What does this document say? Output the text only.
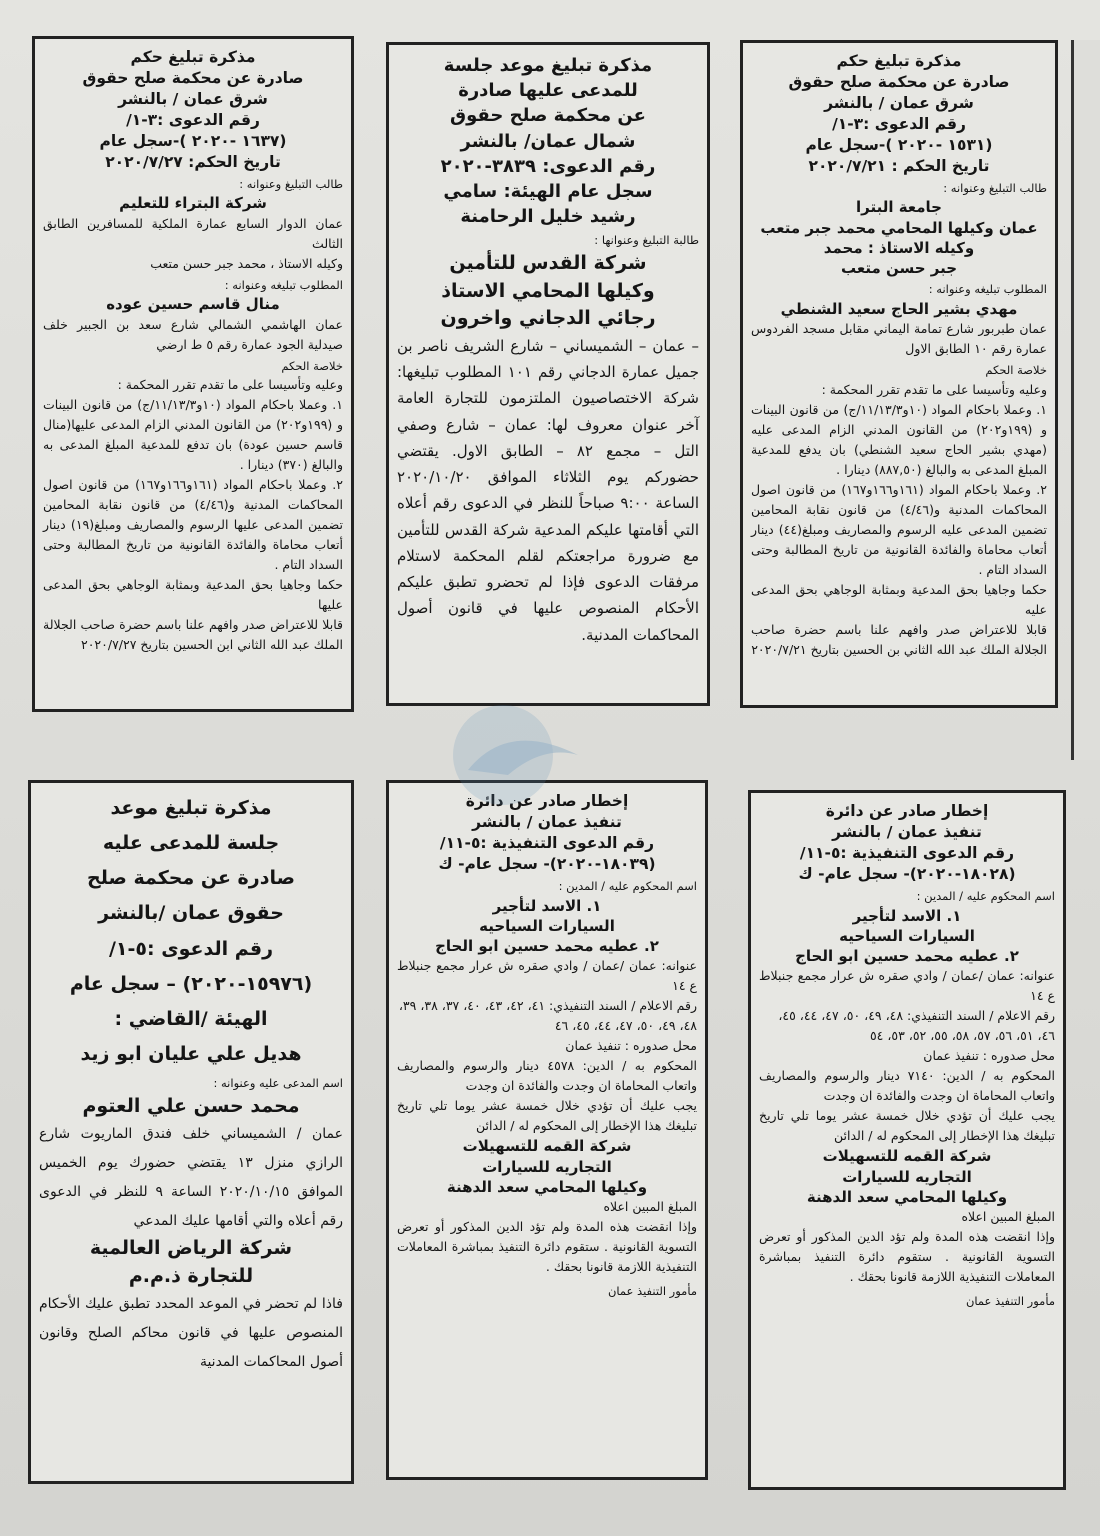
مذكرة تبليغ حكم

صادرة عن محكمة صلح حقوق

شرق عمان / بالنشر

رقم الدعوى :٣-١/

(١٦٣٧ -٢٠٢٠ )-سجل عام

تاريخ الحكم: ٢٠٢٠/٧/٢٧

طالب التبليغ وعنوانه :
شركة البتراء للتعليم
عمان الدوار السابع عمارة الملكية للمسافرين الطابق الثالث
وكيله الاستاذ ، محمد جبر حسن متعب
المطلوب تبليغه وعنوانه :
منال قاسم حسين عوده
عمان الهاشمي الشمالي شارع سعد بن الجبير خلف صيدلية الجود عمارة رقم ٥ ط ارضي
خلاصة الحكم
وعليه وتأسيسا على ما تقدم تقرر المحكمة :
١. وعملا باحكام المواد (١٠و١١/١٣/٣/ج) من قانون البينات و (١٩٩و٢٠٢) من القانون المدني الزام المدعى عليها(منال قاسم حسين عودة) بان تدفع للمدعية المبلغ المدعى به والبالغ (٣٧٠) دينارا .
٢. وعملا باحكام المواد (١٦١و١٦٦و١٦٧) من قانون اصول المحاكمات المدنية و(٤/٤٦) من قانون نقابة المحامين تضمين المدعى عليها الرسوم والمصاريف ومبلغ(١٩) دينار أتعاب محاماة والفائدة القانونية من تاريخ المطالبة وحتى السداد التام .
حكما وجاهيا بحق المدعية وبمثابة الوجاهي بحق المدعى عليها
قابلا للاعتراض صدر وافهم علنا باسم حضرة صاحب الجلالة الملك عبد الله الثاني ابن الحسين بتاريخ ٢٠٢٠/٧/٢٧

مذكرة تبليغ موعد جلسة

للمدعى عليها صادرة

عن محكمة صلح حقوق

شمال عمان/ بالنشر

رقم الدعوى: ٣٨٣٩-٢٠٢٠

سجل عام الهيئة: سامي

رشيد خليل الرحامنة

طالبة التبليغ وعنوانها :
شركة القدس للتأمين
وكيلها المحامي الاستاذ
رجائي الدجاني واخرون
– عمان – الشميساني – شارع الشريف ناصر بن جميل عمارة الدجاني رقم ١٠١ المطلوب تبليغها: شركة الاختصاصيون الملتزمون للتجارة العامة آخر عنوان معروف لها: عمان – شارع وصفي التل – مجمع ٨٢ – الطابق الاول. يقتضي حضوركم يوم الثلاثاء الموافق ٢٠٢٠/١٠/٢٠ الساعة ٩:٠٠ صباحاً للنظر في الدعوى رقم أعلاه التي أقامتها عليكم المدعية شركة القدس للتأمين مع ضرورة مراجعتكم لقلم المحكمة لاستلام مرفقات الدعوى فإذا لم تحضرو تطبق عليكم الأحكام المنصوص عليها في قانون أصول المحاكمات المدنية.

مذكرة تبليغ حكم

صادرة عن محكمة صلح حقوق

شرق عمان / بالنشر

رقم الدعوى :٣-١/

(١٥٣١ -٢٠٢٠ )-سجل عام

تاريخ الحكم : ٢٠٢٠/٧/٢١

طالب التبليغ وعنوانه :
جامعة البترا
عمان وكيلها المحامي محمد جبر متعب
وكيله الاستاذ : محمد
جبر حسن متعب
المطلوب تبليغه وعنوانه :
مهدي بشير الحاج سعيد الشنطي
عمان طبربور شارع تمامة اليماني مقابل مسجد الفردوس عمارة رقم ١٠ الطابق الاول
خلاصة الحكم
وعليه وتأسيسا على ما تقدم تقرر المحكمة :
١. وعملا باحكام المواد (١٠و١١/١٣/٣/ج) من قانون البينات و (١٩٩و٢٠٢) من القانون المدني الزام المدعى عليه (مهدي بشير الحاج سعيد الشنطي) بان يدفع للمدعية المبلغ المدعى به والبالغ (٨٨٧,٥٠) دينارا .
٢. وعملا باحكام المواد (١٦١و١٦٦و١٦٧) من قانون اصول المحاكمات المدنية و(٤/٤٦) من قانون نقابة المحامين تضمين المدعى عليه الرسوم والمصاريف ومبلغ(٤٤) دينار أتعاب محاماة والفائدة القانونية من تاريخ المطالبة وحتى السداد التام .
حكما وجاهيا بحق المدعية وبمثابة الوجاهي بحق المدعى عليه
قابلا للاعتراض صدر وافهم علنا باسم حضرة صاحب الجلالة الملك عبد الله الثاني بن الحسين بتاريخ ٢٠٢٠/٧/٢١

مذكرة تبليغ موعد

جلسة للمدعى عليه

صادرة عن محكمة صلح

حقوق عمان /بالنشر

رقم الدعوى :٥-١/

(١٥٩٧٦-٢٠٢٠) – سجل عام

الهيئة /القاضي :

هديل علي عليان ابو زيد

اسم المدعى عليه وعنوانه :
محمد حسن علي العتوم
عمان / الشميساني خلف فندق الماريوت شارع الرازي منزل ١٣ يقتضي حضورك يوم الخميس الموافق ٢٠٢٠/١٠/١٥ الساعة ٩ للنظر في الدعوى رقم أعلاه والتي أقامها عليك المدعي
شركة الرياض العالمية
للتجارة ذ.م.م
فاذا لم تحضر في الموعد المحدد تطبق عليك الأحكام المنصوص عليها في قانون محاكم الصلح وقانون أصول المحاكمات المدنية

إخطار صادر عن دائرة

تنفيذ عمان / بالنشر

رقم الدعوى التنفيذية :٥-١١/

(١٨٠٣٩-٢٠٢٠)- سجل عام- ك

اسم المحكوم عليه / المدين :
١. الاسد لتأجير
السيارات السياحيه
٢. عطيه محمد حسين ابو الحاج
عنوانه: عمان /عمان / وادي صقره ش عرار مجمع جنبلاط ع ١٤
رقم الاعلام / السند التنفيذي: ٤١، ٤٢، ٤٣، ٤٠، ٣٧، ٣٨، ٣٩، ٤٨، ٤٩، ٥٠، ٤٧، ٤٤، ٤٥، ٤٦
محل صدوره : تنفيذ عمان
المحكوم به / الدين: ٤٥٧٨ دينار والرسوم والمصاريف واتعاب المحاماة ان وجدت والفائدة ان وجدت
يجب عليك أن تؤدي خلال خمسة عشر يوما تلي تاريخ تبليغك هذا الإخطار إلى المحكوم له / الدائن
شركة القمه للتسهيلات
التجاريه للسيارات
وكيلها المحامي سعد الدهنة
المبلغ المبين اعلاه
وإذا انقضت هذه المدة ولم تؤد الدين المذكور أو تعرض التسوية القانونية . ستقوم دائرة التنفيذ بمباشرة المعاملات التنفيذية اللازمة قانونا بحقك .
مأمور التنفيذ عمان

إخطار صادر عن دائرة

تنفيذ عمان / بالنشر

رقم الدعوى التنفيذية :٥-١١/

(١٨٠٢٨-٢٠٢٠)- سجل عام- ك

اسم المحكوم عليه / المدين :
١. الاسد لتأجير
السيارات السياحيه
٢. عطيه محمد حسين ابو الحاج
عنوانه: عمان /عمان / وادي صقره ش عرار مجمع جنبلاط ع ١٤
رقم الاعلام / السند التنفيذي: ٤٨، ٤٩، ٥٠، ٤٧، ٤٤، ٤٥، ٤٦، ٥١، ٥٦، ٥٧، ٥٨، ٥٥، ٥٢، ٥٣، ٥٤
محل صدوره : تنفيذ عمان
المحكوم به / الدين: ٧١٤٠ دينار والرسوم والمصاريف واتعاب المحاماة ان وجدت والفائدة ان وجدت
يجب عليك أن تؤدي خلال خمسة عشر يوما تلي تاريخ تبليغك هذا الإخطار إلى المحكوم له / الدائن
شركة القمه للتسهيلات
التجاريه للسيارات
وكيلها المحامي سعد الدهنة
المبلغ المبين اعلاه
وإذا انقضت هذه المدة ولم تؤد الدين المذكور أو تعرض التسوية القانونية . ستقوم دائرة التنفيذ بمباشرة المعاملات التنفيذية اللازمة قانونا بحقك .
مأمور التنفيذ عمان
